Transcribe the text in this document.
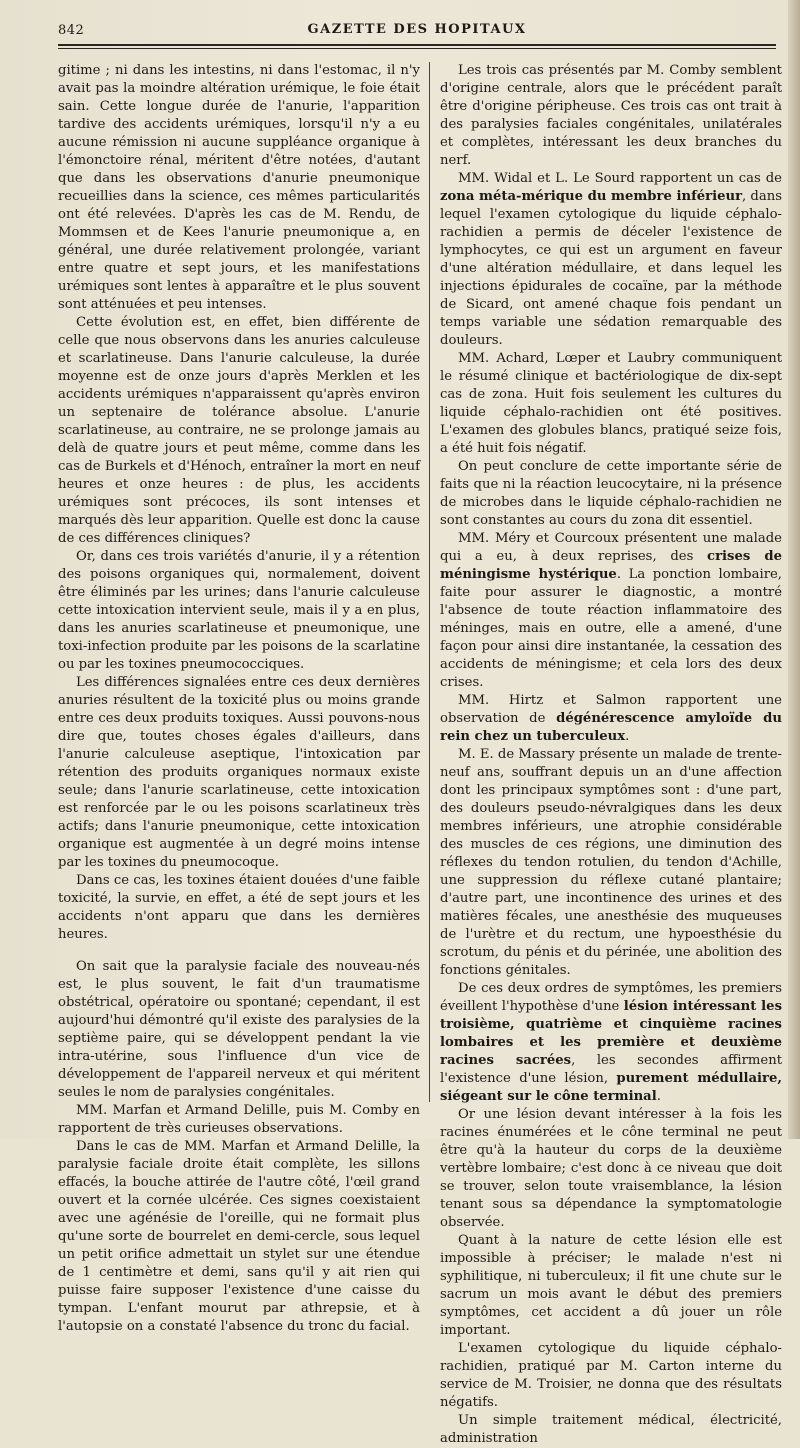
842	GAZETTE DES HOPITAUX

gitime ; ni dans les intestins, ni dans l'estomac, il n'y avait pas la moindre altération urémique, le foie était sain. Cette longue durée de l'anurie, l'apparition tardive des accidents urémiques, lorsqu'il n'y a eu aucune rémission ni aucune suppléance organique à l'émonctoire rénal, méritent d'être notées, d'autant que dans les observations d'anurie pneumonique recueillies dans la science, ces mêmes particularités ont été relevées. D'après les cas de M. Rendu, de Mommsen et de Kees l'anurie pneumonique a, en général, une durée relativement prolongée, variant entre quatre et sept jours, et les manifestations urémiques sont lentes à apparaître et le plus souvent sont atténuées et peu intenses.

Cette évolution est, en effet, bien différente de celle que nous observons dans les anuries calculeuse et scarlatineuse. Dans l'anurie calculeuse, la durée moyenne est de onze jours d'après Merklen et les accidents urémiques n'apparaissent qu'après environ un septenaire de tolérance absolue. L'anurie scarlatineuse, au contraire, ne se prolonge jamais au delà de quatre jours et peut même, comme dans les cas de Burkels et d'Hénoch, entraîner la mort en neuf heures et onze heures : de plus, les accidents urémiques sont précoces, ils sont intenses et marqués dès leur apparition. Quelle est donc la cause de ces différences cliniques?

Or, dans ces trois variétés d'anurie, il y a rétention des poisons organiques qui, normalement, doivent être éliminés par les urines; dans l'anurie calculeuse cette intoxication intervient seule, mais il y a en plus, dans les anuries scarlatineuse et pneumonique, une toxi-infection produite par les poisons de la scarlatine ou par les toxines pneumococciques.

Les différences signalées entre ces deux dernières anuries résultent de la toxicité plus ou moins grande entre ces deux produits toxiques. Aussi pouvons-nous dire que, toutes choses égales d'ailleurs, dans l'anurie calculeuse aseptique, l'intoxication par rétention des produits organiques normaux existe seule; dans l'anurie scarlatineuse, cette intoxication est renforcée par le ou les poisons scarlatineux très actifs; dans l'anurie pneumonique, cette intoxication organique est augmentée à un degré moins intense par les toxines du pneumocoque.

Dans ce cas, les toxines étaient douées d'une faible toxicité, la survie, en effet, a été de sept jours et les accidents n'ont apparu que dans les dernières heures.

On sait que la paralysie faciale des nouveau-nés est, le plus souvent, le fait d'un traumatisme obstétrical, opératoire ou spontané; cependant, il est aujourd'hui démontré qu'il existe des paralysies de la septième paire, qui se développent pendant la vie intra-utérine, sous l'influence d'un vice de développement de l'appareil nerveux et qui méritent seules le nom de paralysies congénitales.

MM. Marfan et Armand Delille, puis M. Comby en rapportent de très curieuses observations.

Dans le cas de MM. Marfan et Armand Delille, la paralysie faciale droite était complète, les sillons effacés, la bouche attirée de l'autre côté, l'œil grand ouvert et la cornée ulcérée. Ces signes coexistaient avec une agénésie de l'oreille, qui ne formait plus qu'une sorte de bourrelet en demi-cercle, sous lequel un petit orifice admettait un stylet sur une étendue de 1 centimètre et demi, sans qu'il y ait rien qui puisse faire supposer l'existence d'une caisse du tympan. L'enfant mourut par athrepsie, et à l'autopsie on a constaté l'absence du tronc du facial.

Les trois cas présentés par M. Comby semblent d'origine centrale, alors que le précédent paraît être d'origine péripheuse. Ces trois cas ont trait à des paralysies faciales congénitales, unilatérales et complètes, intéressant les deux branches du nerf.

MM. Widal et L. Le Sourd rapportent un cas de zona méta-mérique du membre inférieur, dans lequel l'examen cytologique du liquide céphalo-rachidien a permis de déceler l'existence de lymphocytes, ce qui est un argument en faveur d'une altération médullaire, et dans lequel les injections épidurales de cocaïne, par la méthode de Sicard, ont amené chaque fois pendant un temps variable une sédation remarquable des douleurs.

MM. Achard, Lœper et Laubry communiquent le résumé clinique et bactériologique de dix-sept cas de zona. Huit fois seulement les cultures du liquide céphalo-rachidien ont été positives. L'examen des globules blancs, pratiqué seize fois, a été huit fois négatif.

On peut conclure de cette importante série de faits que ni la réaction leucocytaire, ni la présence de microbes dans le liquide céphalo-rachidien ne sont constantes au cours du zona dit essentiel.

MM. Méry et Courcoux présentent une malade qui a eu, à deux reprises, des crises de méningisme hystérique. La ponction lombaire, faite pour assurer le diagnostic, a montré l'absence de toute réaction inflammatoire des méninges, mais en outre, elle a amené, d'une façon pour ainsi dire instantanée, la cessation des accidents de méningisme; et cela lors des deux crises.

MM. Hirtz et Salmon rapportent une observation de dégénérescence amyloïde du rein chez un tuberculeux.

M. E. de Massary présente un malade de trente-neuf ans, souffrant depuis un an d'une affection dont les principaux symptômes sont : d'une part, des douleurs pseudo-névralgiques dans les deux membres inférieurs, une atrophie considérable des muscles de ces régions, une diminution des réflexes du tendon rotulien, du tendon d'Achille, une suppression du réflexe cutané plantaire; d'autre part, une incontinence des urines et des matières fécales, une anesthésie des muqueuses de l'urètre et du rectum, une hypoesthésie du scrotum, du pénis et du périnée, une abolition des fonctions génitales.

De ces deux ordres de symptômes, les premiers éveillent l'hypothèse d'une lésion intéressant les troisième, quatrième et cinquième racines lombaires et les première et deuxième racines sacrées, les secondes affirment l'existence d'une lésion, purement médullaire, siégeant sur le cône terminal.

Or une lésion devant intéresser à la fois les racines énumérées et le cône terminal ne peut être qu'à la hauteur du corps de la deuxième vertèbre lombaire; c'est donc à ce niveau que doit se trouver, selon toute vraisemblance, la lésion tenant sous sa dépendance la symptomatologie observée.

Quant à la nature de cette lésion elle est impossible à préciser; le malade n'est ni syphilitique, ni tuberculeux; il fit une chute sur le sacrum un mois avant le début des premiers symptômes, cet accident a dû jouer un rôle important.

L'examen cytologique du liquide céphalo-rachidien, pratiqué par M. Carton interne du service de M. Troisier, ne donna que des résultats négatifs.

Un simple traitement médical, électricité, administration
